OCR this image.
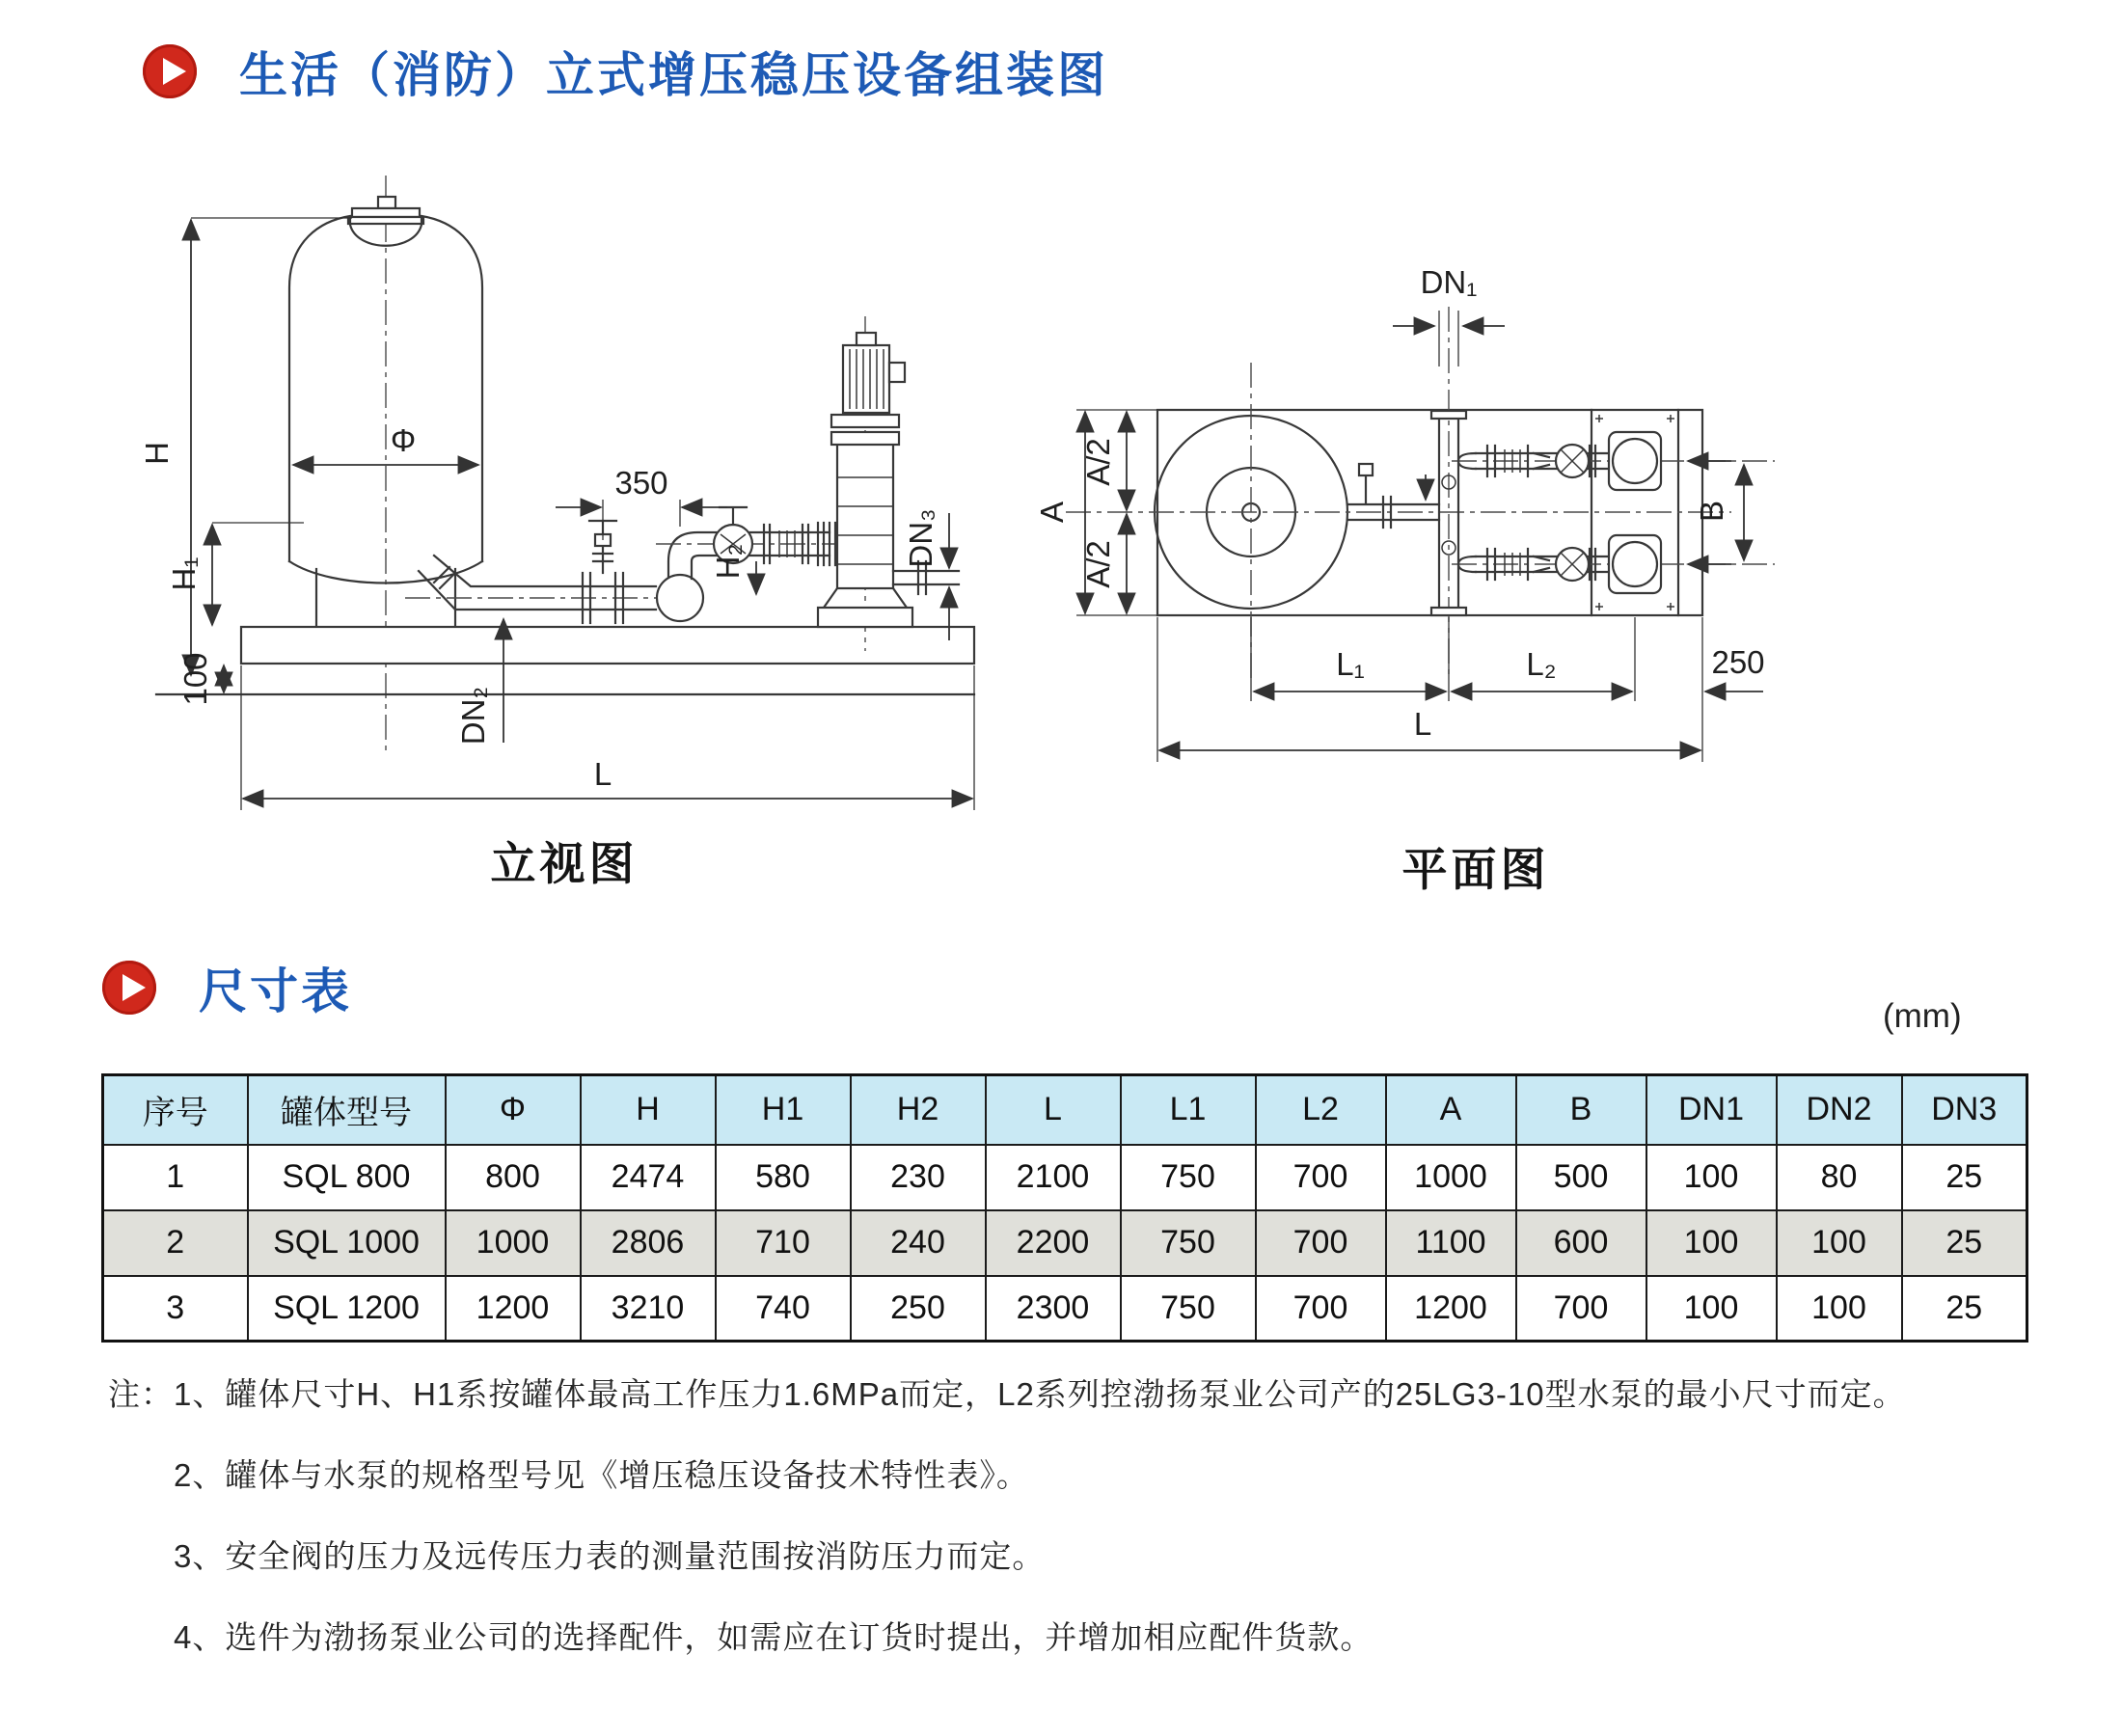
生活（消防）立式增压稳压设备组装图
H	Φ
H₁
100
350
H₂
DN₂
DN₃
L
立视图
A
A/2
A/2
DN₁
B
L₁	L₂	250
L
平面图
尺寸表	(mm)
序号	罐体型号	Φ	H	H1	H2	L	L1	L2	A	B	DN1	DN2	DN3
1	SQL 800	800	2474	580	230	2100	750	700	1000	500	100	80	25
2	SQL 1000	1000	2806	710	240	2200	750	700	1100	600	100	100	25
3	SQL 1200	1200	3210	740	250	2300	750	700	1200	700	100	100	25
注：1、罐体尺寸H、H1系按罐体最高工作压力1.6MPa而定，L2系列控渤扬泵业公司产的25LG3-10型水泵的最小尺寸而定。
2、罐体与水泵的规格型号见《增压稳压设备技术特性表》。
3、安全阀的压力及远传压力表的测量范围按消防压力而定。
4、选件为渤扬泵业公司的选择配件，如需应在订货时提出，并增加相应配件货款。
